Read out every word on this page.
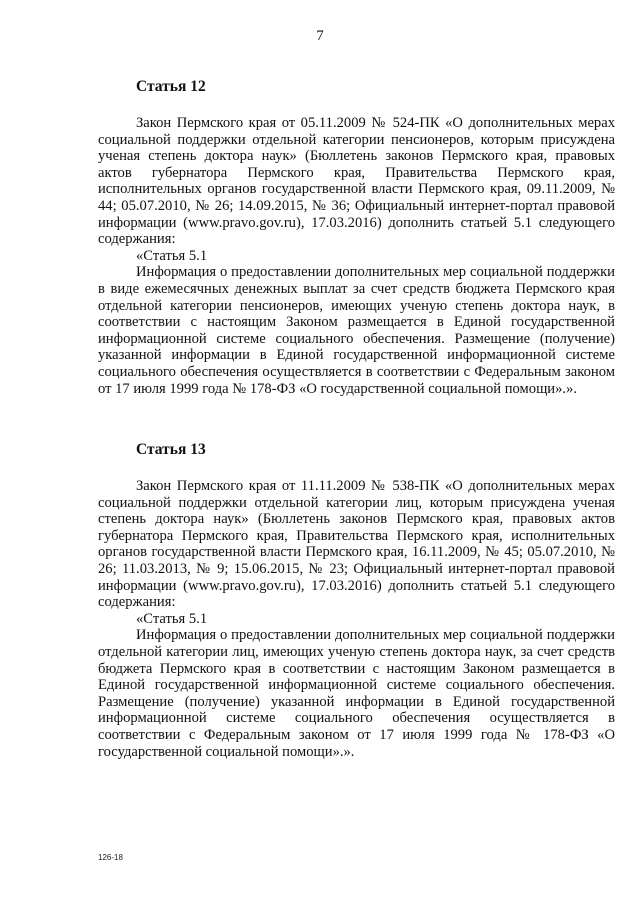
7
Статья 12

Закон Пермского края от 05.11.2009 № 524-ПК «О дополнительных мерах социальной поддержки отдельной категории пенсионеров, которым присуждена ученая степень доктора наук» (Бюллетень законов Пермского края, правовых актов губернатора Пермского края, Правительства Пермского края, исполнительных органов государственной власти Пермского края, 09.11.2009, № 44; 05.07.2010, № 26; 14.09.2015, № 36; Официальный интернет-портал правовой информации (www.pravo.gov.ru), 17.03.2016) дополнить статьей 5.1 следующего содержания:

«Статья 5.1

Информация о предоставлении дополнительных мер социальной поддержки в виде ежемесячных денежных выплат за счет средств бюджета Пермского края отдельной категории пенсионеров, имеющих ученую степень доктора наук, в соответствии с настоящим Законом размещается в Единой государственной информационной системе социального обеспечения. Размещение (получение) указанной информации в Единой государственной информационной системе социального обеспечения осуществляется в соответствии с Федеральным законом от 17 июля 1999 года № 178-ФЗ «О государственной социальной помощи».».

Статья 13

Закон Пермского края от 11.11.2009 № 538-ПК «О дополнительных мерах социальной поддержки отдельной категории лиц, которым присуждена ученая степень доктора наук» (Бюллетень законов Пермского края, правовых актов губернатора Пермского края, Правительства Пермского края, исполнительных органов государственной власти Пермского края, 16.11.2009, № 45; 05.07.2010, № 26; 11.03.2013, № 9; 15.06.2015, № 23; Официальный интернет-портал правовой информации (www.pravo.gov.ru), 17.03.2016) дополнить статьей 5.1 следующего содержания:

«Статья 5.1

Информация о предоставлении дополнительных мер социальной поддержки отдельной категории лиц, имеющих ученую степень доктора наук, за счет средств бюджета Пермского края в соответствии с настоящим Законом размещается в Единой государственной информационной системе социального обеспечения. Размещение (получение) указанной информации в Единой государственной информационной системе социального обеспечения осуществляется в соответствии с Федеральным законом от 17 июля 1999 года № 178-ФЗ «О государственной социальной помощи».».

126-18
